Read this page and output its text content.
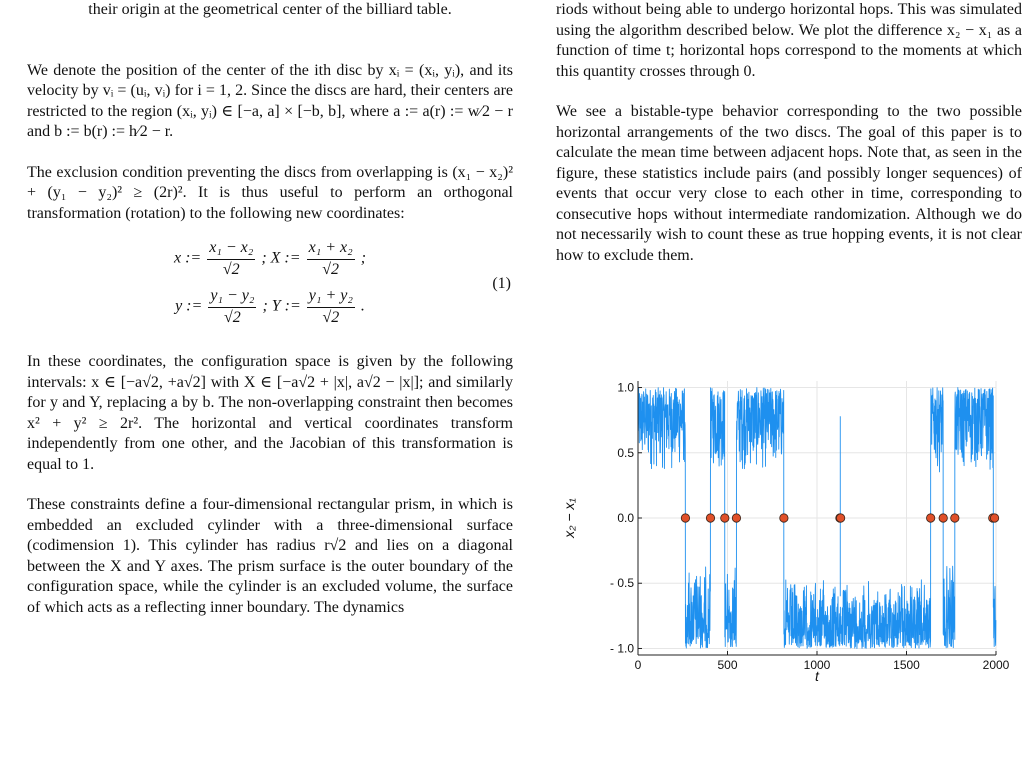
their origin at the geometrical center of the billiard table.

We denote the position of the center of the ith disc by xᵢ = (xᵢ, yᵢ), and its velocity by vᵢ = (uᵢ, vᵢ) for i = 1, 2. Since the discs are hard, their centers are restricted to the region (xᵢ, yᵢ) ∈ [−a, a] × [−b, b], where a := a(r) := w⁄2 − r and b := b(r) := h⁄2 − r.

The exclusion condition preventing the discs from overlapping is (x₁ − x₂)² + (y₁ − y₂)² ≥ (2r)². It is thus useful to perform an orthogonal transformation (rotation) to the following new coordinates:

x := $\frac{\text{x₁ − x₂}}{√2}$ ; X := $\frac{\text{x₁ + x₂}}{√2}$ ;
y := $\frac{\text{y₁ − y₂}}{√2}$ ; Y := $\frac{\text{y₁ + y₂}}{√2}$ .
(1)

In these coordinates, the configuration space is given by the following intervals: x ∈ [−a√2, +a√2] with X ∈ [−a√2 + |x|, a√2 − |x|]; and similarly for y and Y, replacing a by b. The non-overlapping constraint then becomes x² + y² ≥ 2r². The horizontal and vertical coordinates transform independently from one other, and the Jacobian of this transformation is equal to 1.

These constraints define a four-dimensional rectangular prism, in which is embedded an excluded cylinder with a three-dimensional surface (codimension 1). This cylinder has radius r√2 and lies on a diagonal between the X and Y axes. The prism surface is the outer boundary of the configuration space, while the cylinder is an excluded volume, the surface of which acts as a reflecting inner boundary. The dynamics

riods without being able to undergo horizontal hops. This was simulated using the algorithm described below. We plot the difference x₂ − x₁ as a function of time t; horizontal hops correspond to the moments at which this quantity crosses through 0.

We see a bistable-type behavior corresponding to the two possible horizontal arrangements of the two discs. The goal of this paper is to calculate the mean time between adjacent hops. Note that, as seen in the figure, these statistics include pairs (and possibly longer sequences) of events that occur very close to each other in time, corresponding to consecutive hops without intermediate randomization. Although we do not necessarily wish to count these as true hopping events, it is not clear how to exclude them.

0	500	1000	1500	2000
1.0
0.5
0.0
- 0.5
- 1.0
t
x₂ − x₁
